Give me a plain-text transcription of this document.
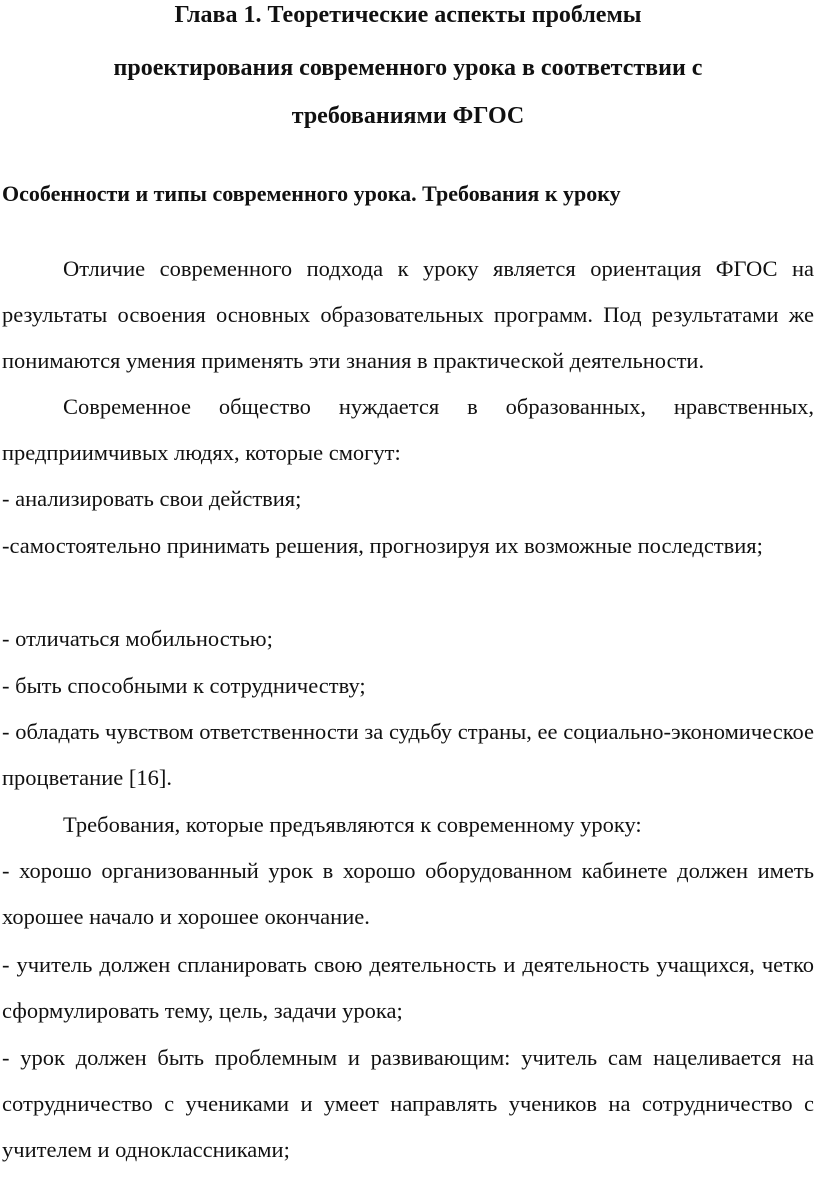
Глава 1. Теоретические аспекты проблемы
проектирования современного урока в соответствии с
требованиями ФГОС
Особенности и типы современного урока. Требования к уроку

Отличие современного подхода к уроку является ориентация ФГОС на результаты освоения основных образовательных программ. Под результатами же понимаются умения применять эти знания в практической деятельности.

Современное общество нуждается в образованных, нравственных, предприимчивых людях, которые смогут:

- анализировать свои действия;

-самостоятельно принимать решения, прогнозируя их возможные последствия;

- отличаться мобильностью;

- быть способными к сотрудничеству;

- обладать чувством ответственности за судьбу страны, ее социально-экономическое процветание [16].

Требования, которые предъявляются к современному уроку:

- хорошо организованный урок в хорошо оборудованном кабинете должен иметь хорошее начало и хорошее окончание.

- учитель должен спланировать свою деятельность и деятельность учащихся, четко сформулировать тему, цель, задачи урока;

- урок должен быть проблемным и развивающим: учитель сам нацеливается на сотрудничество с учениками и умеет направлять учеников на сотрудничество с учителем и одноклассниками;
